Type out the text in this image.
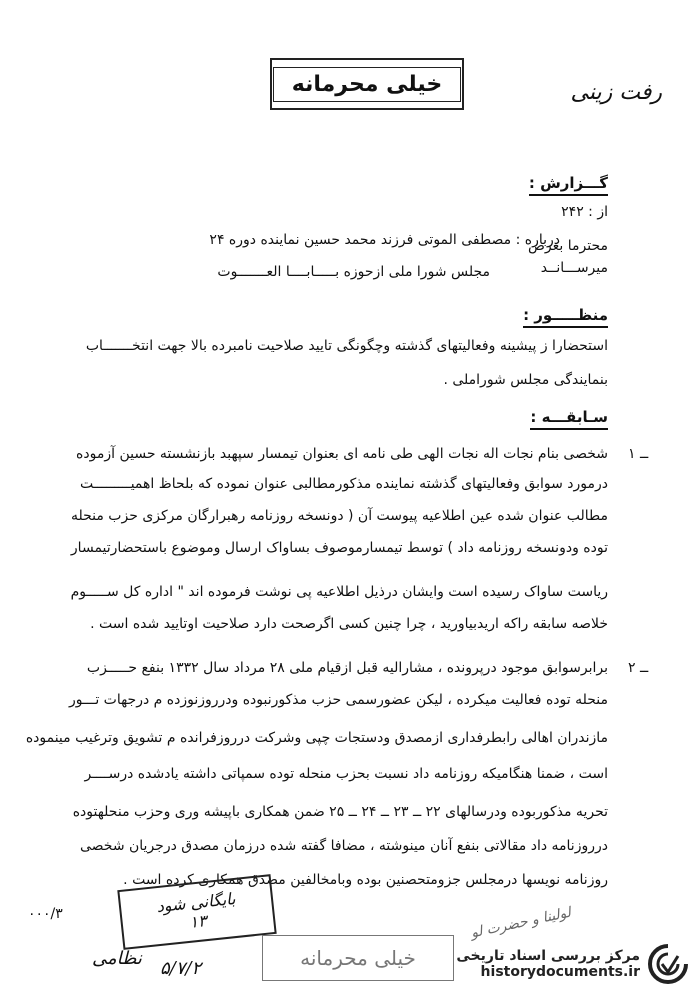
خیلی محرمانه	رفت زینی
گـــزارش :
از : ۲۴۲
درباره : مصطفی الموتی فرزند محمد حسین نماینده دوره ۲۴
مجلس شورا ملی ازحوزه بـــــابــــا العـــــــوت
محترما بعرض
میرســـانــد
منظـــــور :
استحضارا ز پیشینه وفعالیتهای گذشته وچگونگی تایید صلاحیت نامبرده بالا جهت انتخـــــــاب
بنمایندگی مجلس شوراملی .
سـابقـــه :
۱ ــ
شخصی بنام نجات اله نجات الهی طی نامه ای بعنوان تیمسار سپهبد بازنشسته حسین آزموده
درمورد سوابق وفعالیتهای گذشته نماینده مذکورمطالبی عنوان نموده که بلحاظ اهمیـــــــــت
مطالب عنوان شده عین اطلاعیه پیوست آن ( دونسخه روزنامه رهبرارگان مرکزی حزب منحله
توده ودونسخه روزنامه داد ) توسط تیمسارموصوف بساواک ارسال وموضوع باستحضارتیمسار
ریاست ساواک رسیده است وایشان درذیل اطلاعیه پی نوشت فرموده اند " اداره کل ســـــوم
خلاصه سابقه راکه اریدبیاورید ، چرا چنین کسی اگرصحت دارد صلاحیت اوتایید شده است .
۲ ــ
برابرسوابق موجود درپرونده ، مشارالیه قبل ازقیام ملی ۲۸ مرداد سال ۱۳۳۲ بنفع حـــــزب
منحله توده فعالیت میکرده ، لیکن عضورسمی حزب مذکورنبوده ودرروزنوزده م درجهات تـــور
مازندران اهالی رابطرفداری ازمصدق ودستجات چپی وشرکت درروزفرانده م تشویق وترغیب مینموده
است ، ضمنا هنگامیکه روزنامه داد نسبت بحزب منحله توده سمپاتی داشته یادشده درســــر
تحریه مذکوربوده ودرسالهای ۲۲ ــ ۲۳ ــ ۲۴ ــ ۲۵ ضمن همکاری باپیشه وری وحزب منحلهتوده
درروزنامه داد مقالاتی بنفع آنان مینوشته ، مضافا گفته شده درزمان مصدق درجریان شخصی
روزنامه نویسها درمجلس جزومتحصنین بوده وبامخالفین مصدق همکاری کرده است .
۰۰۰/۳	بایگانی شود
۱۳
نظامی ۵/۷/۲	خیلی محرمانه
لولینا و حضرت لو
مرکز بررسی اسناد تاریخی
historydocuments.ir
